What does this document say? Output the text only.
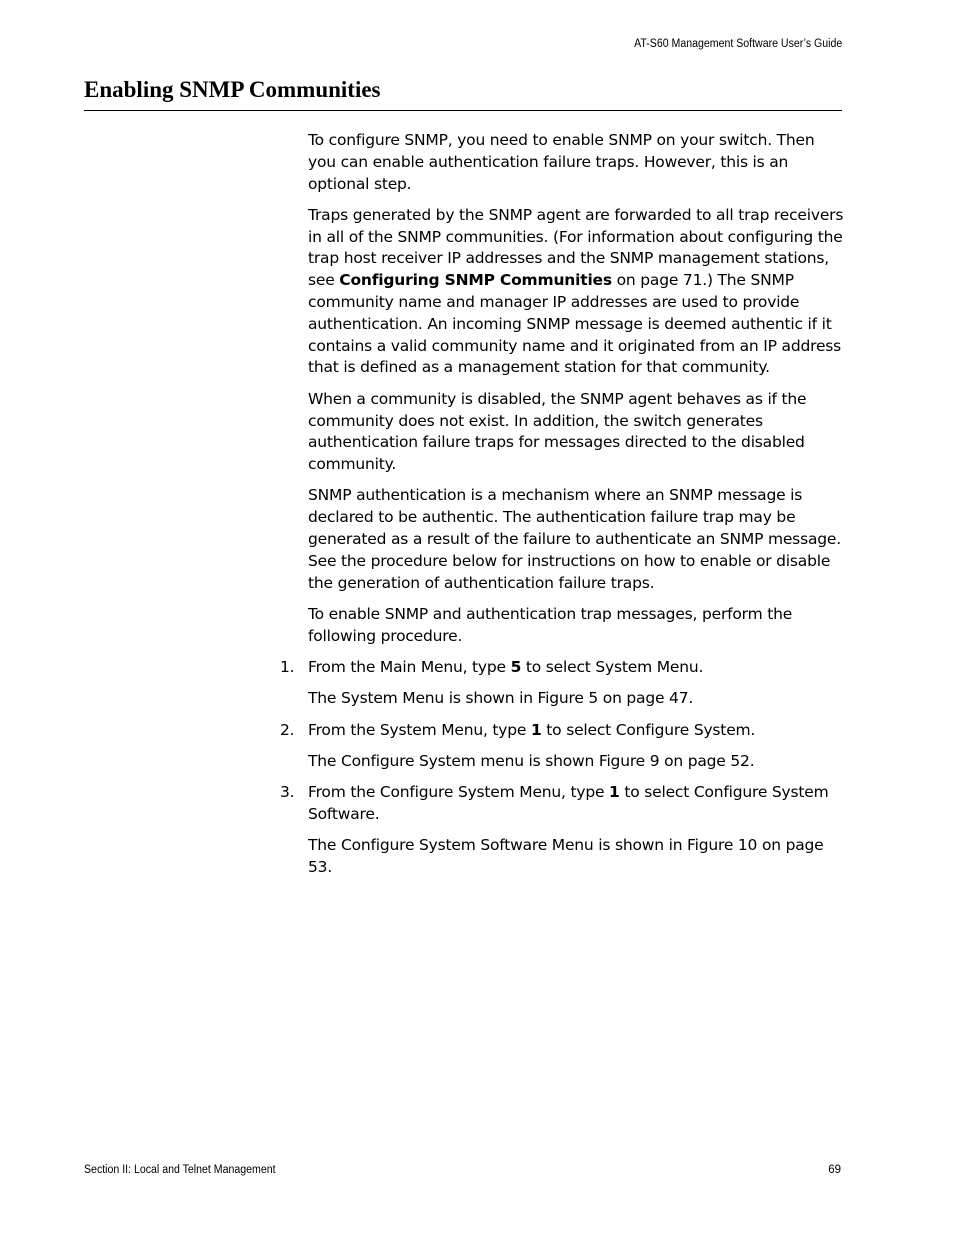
AT-S60 Management Software User’s Guide
Enabling SNMP Communities

To configure SNMP, you need to enable SNMP on your switch. Then you can enable authentication failure traps. However, this is an optional step.

Traps generated by the SNMP agent are forwarded to all trap receivers in all of the SNMP communities. (For information about configuring the trap host receiver IP addresses and the SNMP management stations, see Configuring SNMP Communities on page 71.) The SNMP community name and manager IP addresses are used to provide authentication. An incoming SNMP message is deemed authentic if it contains a valid community name and it originated from an IP address that is defined as a management station for that community.

When a community is disabled, the SNMP agent behaves as if the community does not exist. In addition, the switch generates authentication failure traps for messages directed to the disabled community.

SNMP authentication is a mechanism where an SNMP message is declared to be authentic. The authentication failure trap may be generated as a result of the failure to authenticate an SNMP message. See the procedure below for instructions on how to enable or disable the generation of authentication failure traps.

To enable SNMP and authentication trap messages, perform the following procedure.

1. From the Main Menu, type 5 to select System Menu.

The System Menu is shown in Figure 5 on page 47.

2. From the System Menu, type 1 to select Configure System.

The Configure System menu is shown Figure 9 on page 52.

3. From the Configure System Menu, type 1 to select Configure System Software.

The Configure System Software Menu is shown in Figure 10 on page 53.

Section II: Local and Telnet Management	69
